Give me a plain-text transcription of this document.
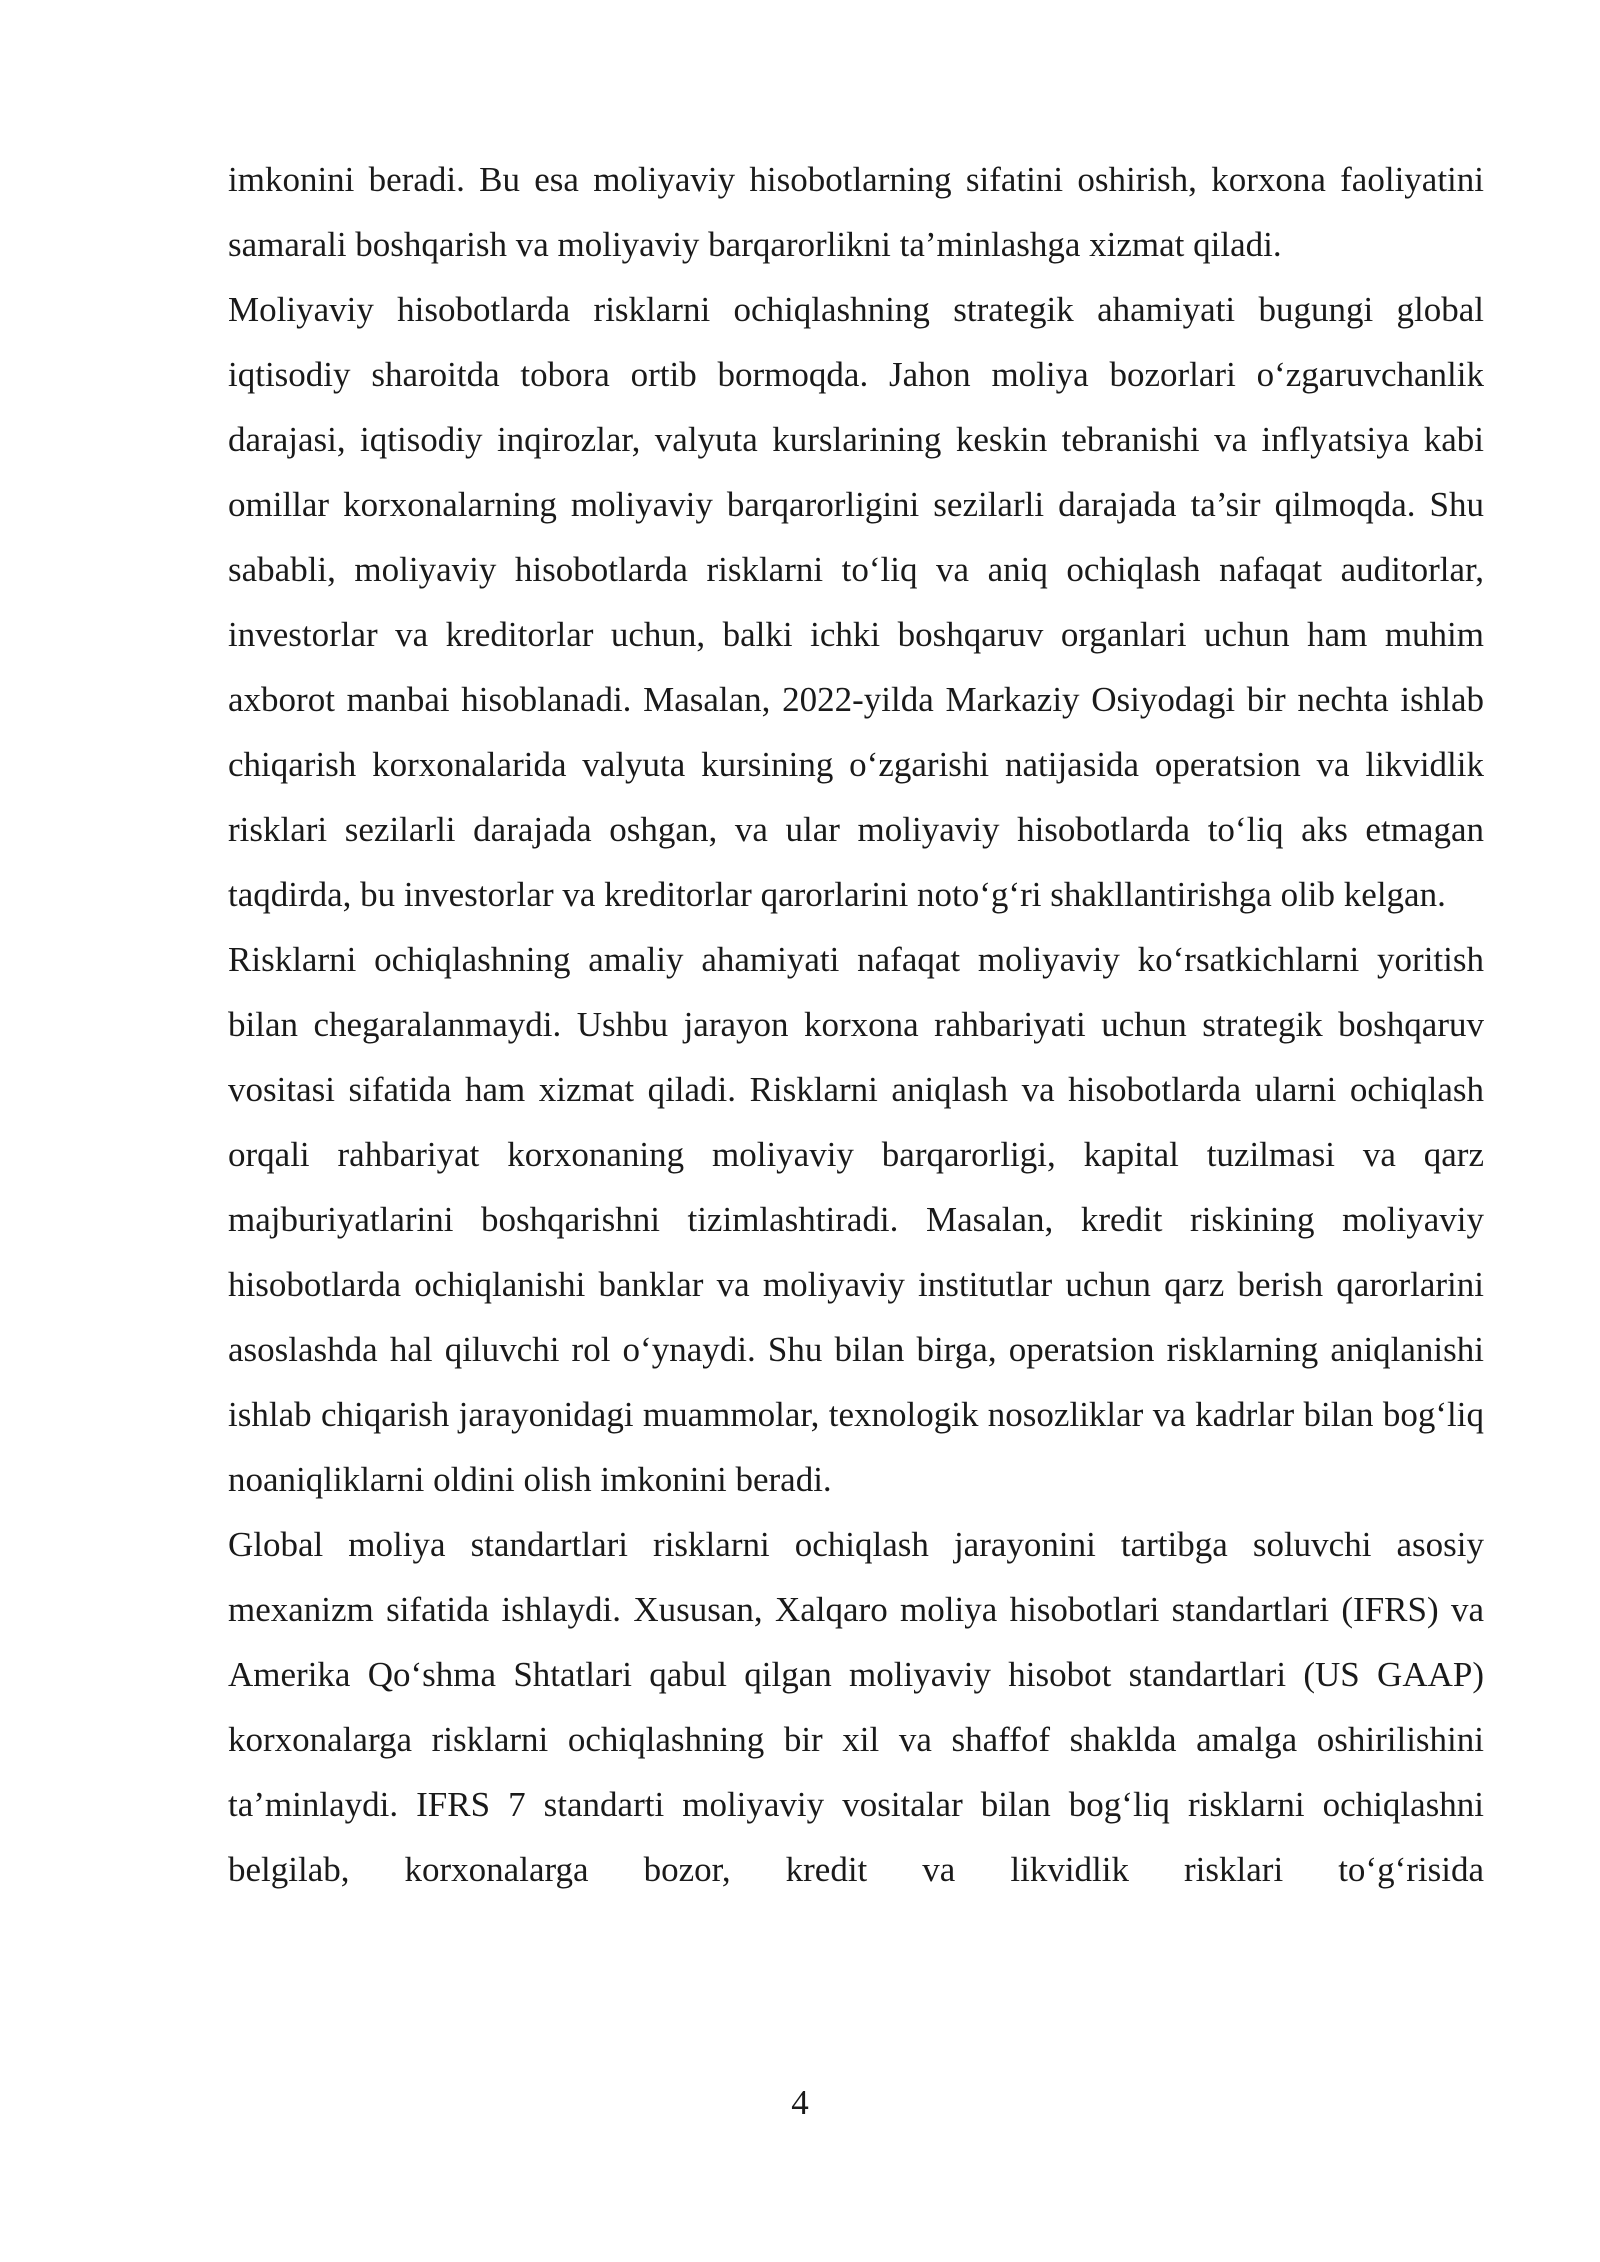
imkonini beradi. Bu esa moliyaviy hisobotlarning sifatini oshirish, korxona faoliyatini samarali boshqarish va moliyaviy barqarorlikni ta’minlashga xizmat qiladi.

Moliyaviy hisobotlarda risklarni ochiqlashning strategik ahamiyati bugungi global iqtisodiy sharoitda tobora ortib bormoqda. Jahon moliya bozorlari o‘zgaruvchanlik darajasi, iqtisodiy inqirozlar, valyuta kurslarining keskin tebranishi va inflyatsiya kabi omillar korxonalarning moliyaviy barqarorligini sezilarli darajada ta’sir qilmoqda. Shu sababli, moliyaviy hisobotlarda risklarni to‘liq va aniq ochiqlash nafaqat auditorlar, investorlar va kreditorlar uchun, balki ichki boshqaruv organlari uchun ham muhim axborot manbai hisoblanadi. Masalan, 2022-yilda Markaziy Osiyodagi bir nechta ishlab chiqarish korxonalarida valyuta kursining o‘zgarishi natijasida operatsion va likvidlik risklari sezilarli darajada oshgan, va ular moliyaviy hisobotlarda to‘liq aks etmagan taqdirda, bu investorlar va kreditorlar qarorlarini noto‘g‘ri shakllantirishga olib kelgan.

Risklarni ochiqlashning amaliy ahamiyati nafaqat moliyaviy ko‘rsatkichlarni yoritish bilan chegaralanmaydi. Ushbu jarayon korxona rahbariyati uchun strategik boshqaruv vositasi sifatida ham xizmat qiladi. Risklarni aniqlash va hisobotlarda ularni ochiqlash orqali rahbariyat korxonaning moliyaviy barqarorligi, kapital tuzilmasi va qarz majburiyatlarini boshqarishni tizimlashtiradi. Masalan, kredit riskining moliyaviy hisobotlarda ochiqlanishi banklar va moliyaviy institutlar uchun qarz berish qarorlarini asoslashda hal qiluvchi rol o‘ynaydi. Shu bilan birga, operatsion risklarning aniqlanishi ishlab chiqarish jarayonidagi muammolar, texnologik nosozliklar va kadrlar bilan bog‘liq noaniqliklarni oldini olish imkonini beradi.

Global moliya standartlari risklarni ochiqlash jarayonini tartibga soluvchi asosiy mexanizm sifatida ishlaydi. Xususan, Xalqaro moliya hisobotlari standartlari (IFRS) va Amerika Qo‘shma Shtatlari qabul qilgan moliyaviy hisobot standartlari (US GAAP) korxonalarga risklarni ochiqlashning bir xil va shaffof shaklda amalga oshirilishini ta’minlaydi. IFRS 7 standarti moliyaviy vositalar bilan bog‘liq risklarni ochiqlashni belgilab, korxonalarga bozor, kredit va likvidlik risklari to‘g‘risida

4
